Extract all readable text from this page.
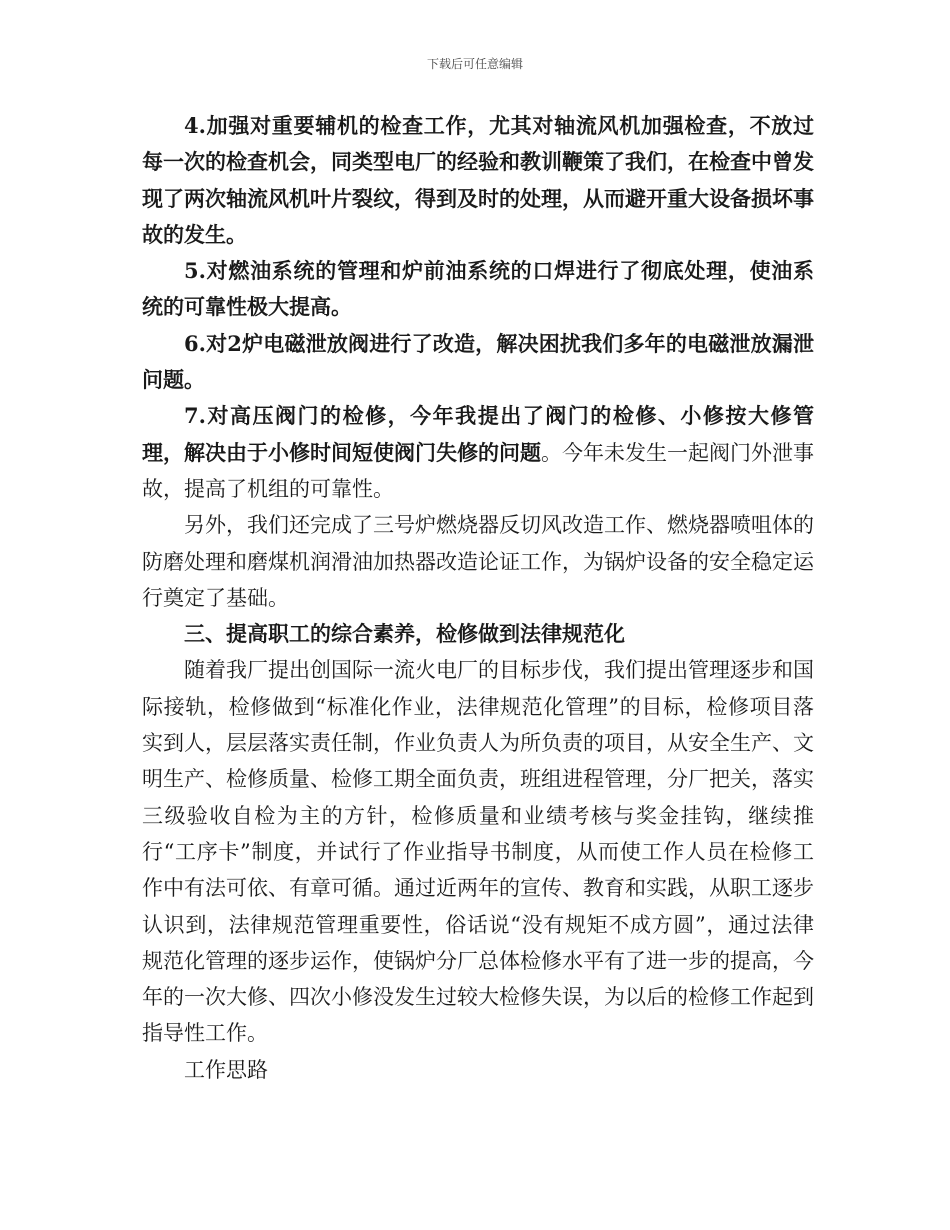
下载后可任意编辑

4.加强对重要辅机的检查工作，尤其对轴流风机加强检查，不放过每一次的检查机会，同类型电厂的经验和教训鞭策了我们，在检查中曾发现了两次轴流风机叶片裂纹，得到及时的处理，从而避开重大设备损坏事故的发生。

5.对燃油系统的管理和炉前油系统的口焊进行了彻底处理，使油系统的可靠性极大提高。

6.对2炉电磁泄放阀进行了改造，解决困扰我们多年的电磁泄放漏泄问题。

7.对高压阀门的检修，今年我提出了阀门的检修、小修按大修管理，解决由于小修时间短使阀门失修的问题。今年未发生一起阀门外泄事故，提高了机组的可靠性。

另外，我们还完成了三号炉燃烧器反切风改造工作、燃烧器喷咀体的防磨处理和磨煤机润滑油加热器改造论证工作，为锅炉设备的安全稳定运行奠定了基础。

三、提高职工的综合素养，检修做到法律规范化

随着我厂提出创国际一流火电厂的目标步伐，我们提出管理逐步和国际接轨，检修做到“标准化作业，法律规范化管理”的目标，检修项目落实到人，层层落实责任制，作业负责人为所负责的项目，从安全生产、文明生产、检修质量、检修工期全面负责，班组进程管理，分厂把关，落实三级验收自检为主的方针，检修质量和业绩考核与奖金挂钩，继续推行“工序卡”制度，并试行了作业指导书制度，从而使工作人员在检修工作中有法可依、有章可循。通过近两年的宣传、教育和实践，从职工逐步认识到，法律规范管理重要性，俗话说“没有规矩不成方圆”，通过法律规范化管理的逐步运作，使锅炉分厂总体检修水平有了进一步的提高，今年的一次大修、四次小修没发生过较大检修失误，为以后的检修工作起到指导性工作。

工作思路
